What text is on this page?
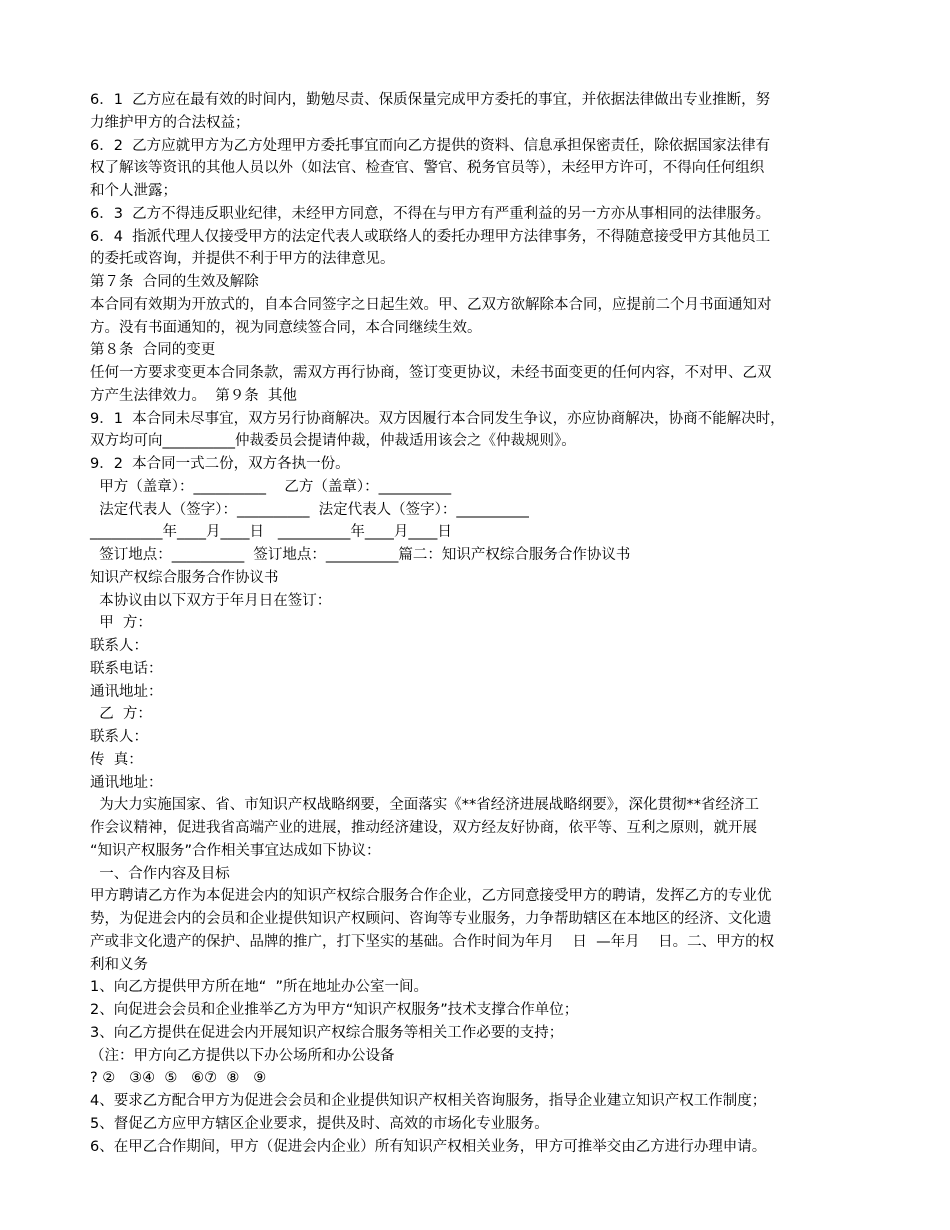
6．1  乙方应在最有效的时间内，勤勉尽责、保质保量完成甲方委托的事宜，并依据法律做出专业推断，努
力维护甲方的合法权益；
6．2  乙方应就甲方为乙方处理甲方委托事宜而向乙方提供的资料、信息承担保密责任，除依据国家法律有
权了解该等资讯的其他人员以外（如法官、检查官、警官、税务官员等），未经甲方许可，不得向任何组织
和个人泄露；
6．3  乙方不得违反职业纪律，未经甲方同意，不得在与甲方有严重利益的另一方亦从事相同的法律服务。
6．4  指派代理人仅接受甲方的法定代表人或联络人的委托办理甲方法律事务，不得随意接受甲方其他员工
的委托或咨询，并提供不利于甲方的法律意见。
第７条  合同的生效及解除
本合同有效期为开放式的，自本合同签字之日起生效。甲、乙双方欲解除本合同，应提前二个月书面通知对
方。没有书面通知的，视为同意续签合同，本合同继续生效。
第８条  合同的变更
任何一方要求变更本合同条款，需双方再行协商，签订变更协议，未经书面变更的任何内容，不对甲、乙双
方产生法律效力。  第９条  其他
9．1  本合同未尽事宜，双方另行协商解决。双方因履行本合同发生争议，亦应协商解决，协商不能解决时，
双方均可向__________仲裁委员会提请仲裁，仲裁适用该会之《仲裁规则》。
9．2  本合同一式二份，双方各执一份。
甲方（盖章）：__________    乙方（盖章）：__________
法定代表人（签字）：__________  法定代表人（签字）：__________
__________年____月____日   __________年____月____日
签订地点：__________  签订地点：__________篇二：知识产权综合服务合作协议书
知识产权综合服务合作协议书
本协议由以下双方于年月日在签订：
甲  方：
联系人：
联系电话：
通讯地址：
乙  方：
联系人：
传  真：
通讯地址：
为大力实施国家、省、市知识产权战略纲要，全面落实《**省经济进展战略纲要》，深化贯彻**省经济工
作会议精神，促进我省高端产业的进展，推动经济建设，双方经友好协商，依平等、互利之原则，就开展
“知识产权服务”合作相关事宜达成如下协议：
一、合作内容及目标
甲方聘请乙方作为本促进会内的知识产权综合服务合作企业，乙方同意接受甲方的聘请，发挥乙方的专业优
势，为促进会内的会员和企业提供知识产权顾问、咨询等专业服务，力争帮助辖区在本地区的经济、文化遗
产或非文化遗产的保护、品牌的推广，打下坚实的基础。合作时间为年月    日  —年月    日。二、甲方的权
利和义务
1、向乙方提供甲方所在地“  ”所在地址办公室一间。
2、向促进会会员和企业推举乙方为甲方“知识产权服务”技术支撑合作单位；
3、向乙方提供在促进会内开展知识产权综合服务等相关工作必要的支持；
（注：甲方向乙方提供以下办公场所和办公设备
? ②   ③④  ⑤   ⑥⑦  ⑧   ⑨
4、要求乙方配合甲方为促进会会员和企业提供知识产权相关咨询服务，指导企业建立知识产权工作制度；
5、督促乙方应甲方辖区企业要求，提供及时、高效的市场化专业服务。
6、在甲乙合作期间，甲方（促进会内企业）所有知识产权相关业务，甲方可推举交由乙方进行办理申请。
